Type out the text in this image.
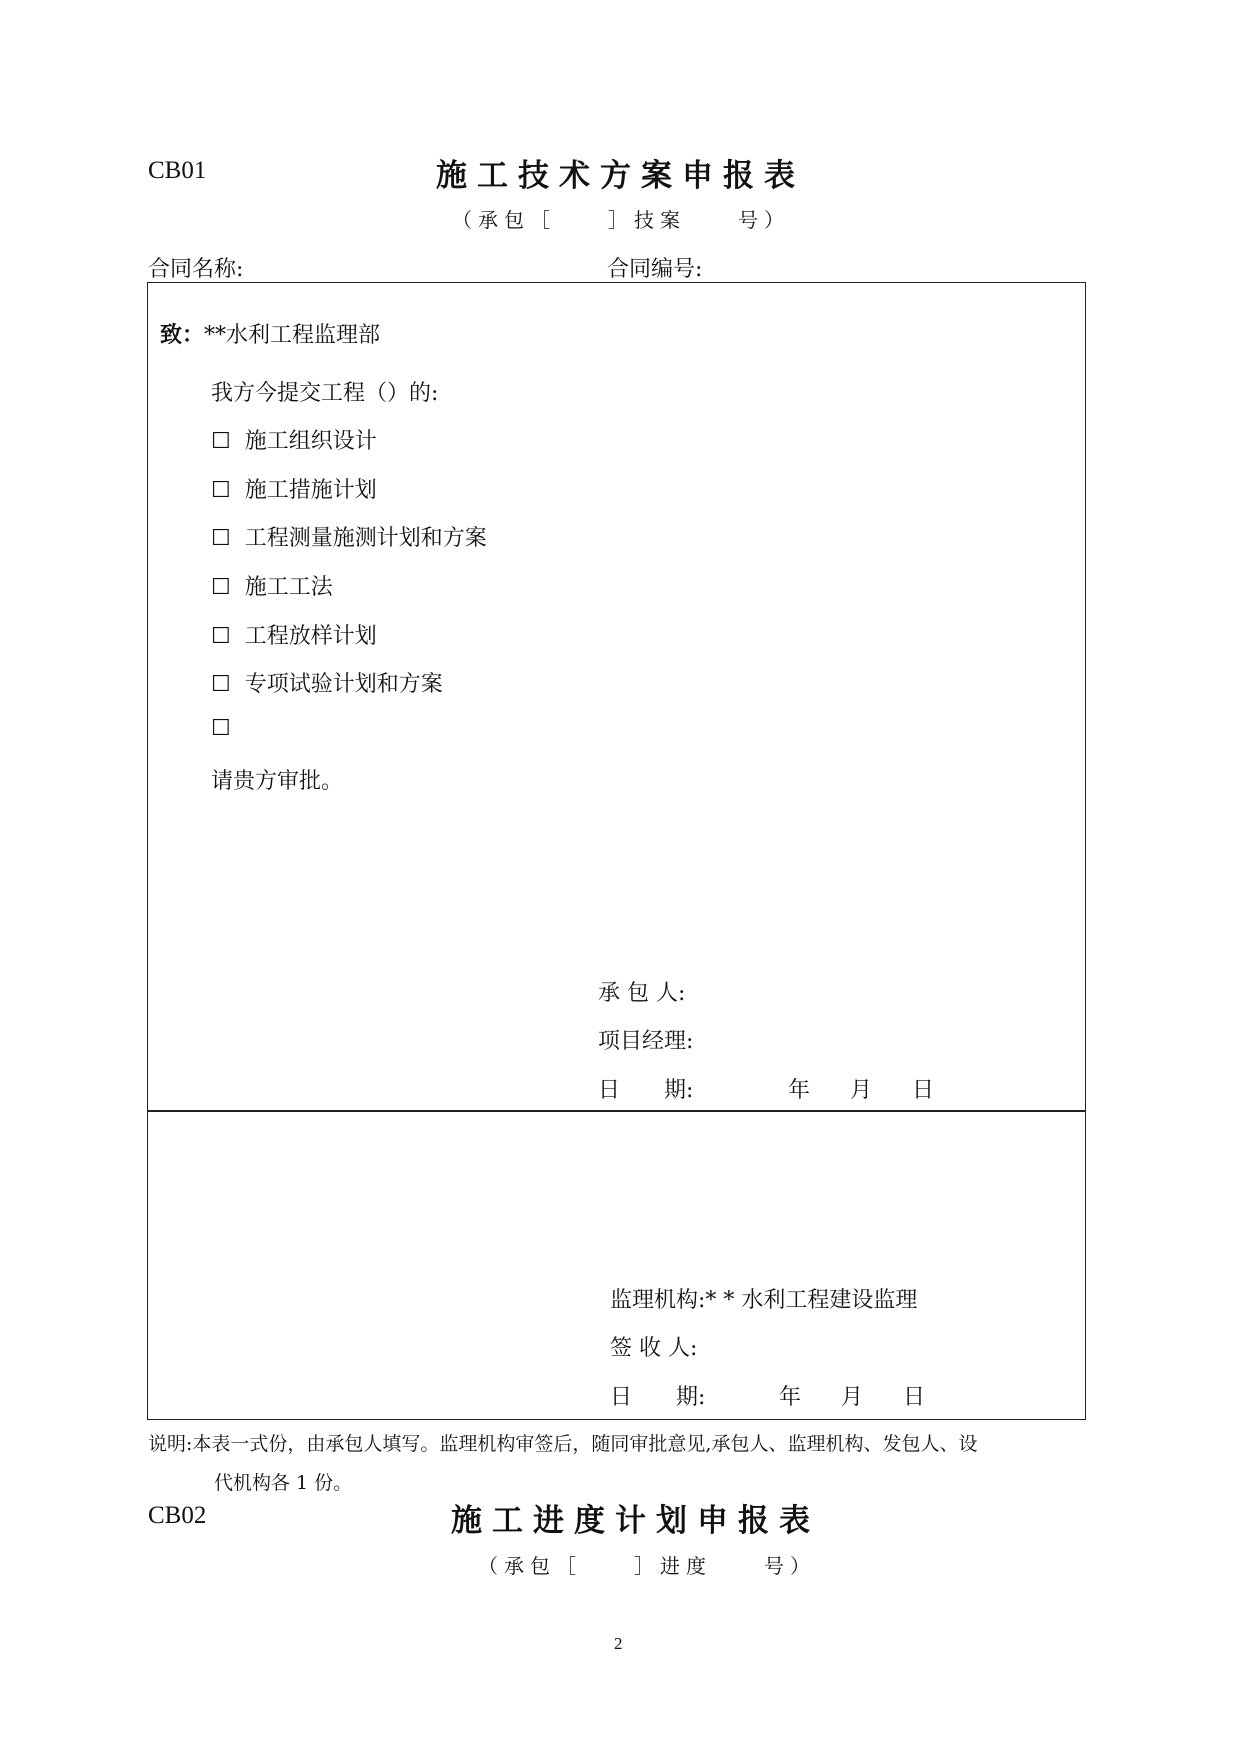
CB01	施工技术方案申报表
（承包［　　］技案　　号）
合同名称:	合同编号:
致：**水利工程监理部
我方今提交工程（）的:
☐ 施工组织设计
☐ 施工措施计划
☐ 工程测量施测计划和方案
☐ 施工工法
☐ 工程放样计划
☐ 专项试验计划和方案
☐
请贵方审批。
承 包 人:
项目经理:
日　　期:	年 月 日
监理机构:* * 水利工程建设监理
签 收 人:
日　　期:	年 月 日
说明:本表一式份，由承包人填写。监理机构审签后，随同审批意见,承包人、监理机构、发包人、设
代机构各 1 份。
CB02	施工进度计划申报表
（承包［　　］进度　　号）
2
